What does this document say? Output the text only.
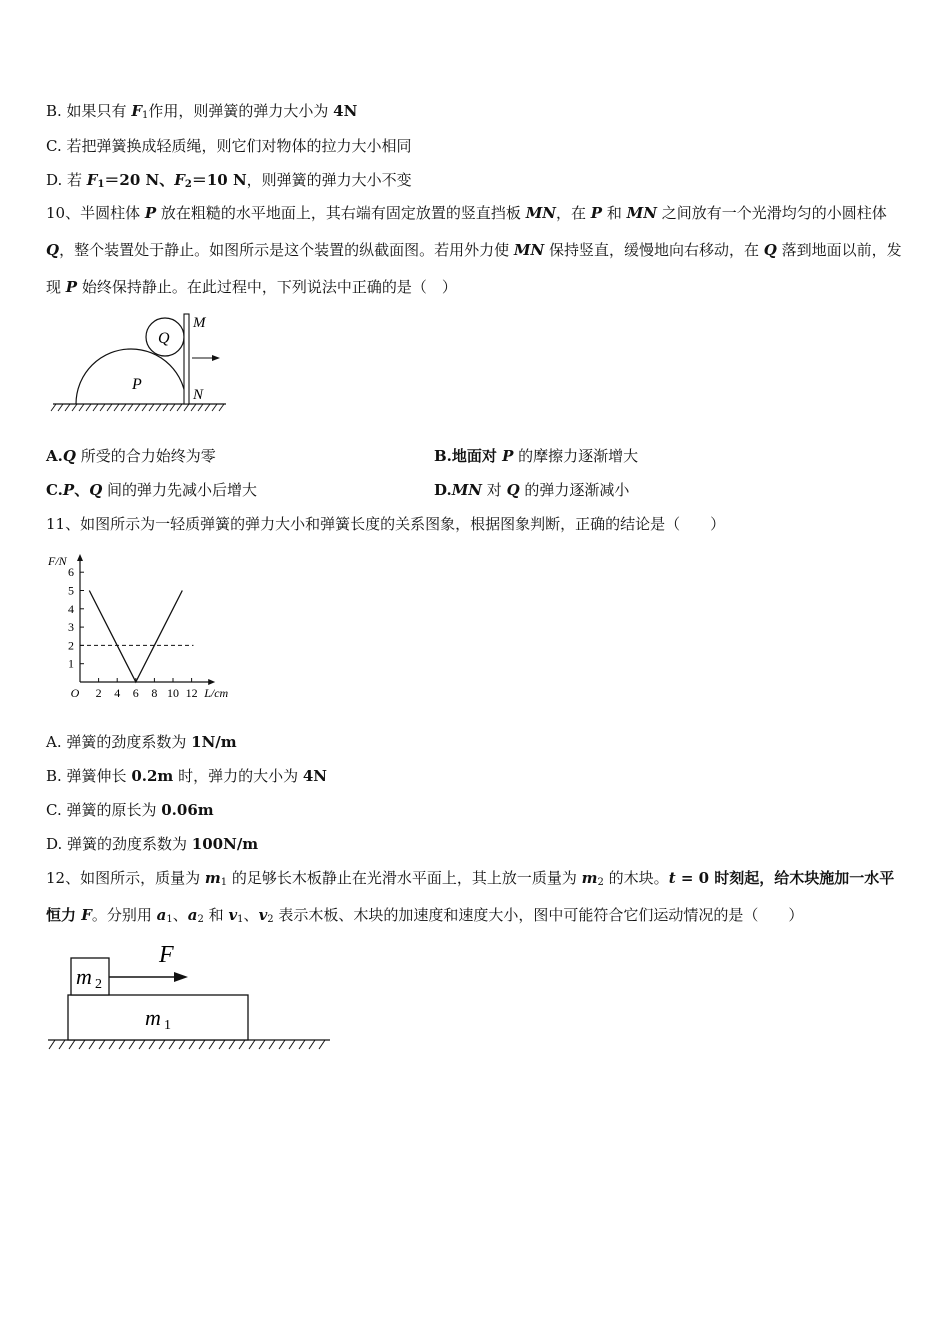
B. 如果只有 $F_1$作用，则弹簧的弹力大小为 4N
C. 若把弹簧换成轻质绳，则它们对物体的拉力大小相同
D. 若 $F_1=20$ N、$F_2=10$ N，则弹簧的弹力大小不变
10、半圆柱体 P 放在粗糙的水平地面上，其右端有固定放置的竖直挡板 MN，在 P 和 MN 之间放有一个光滑均匀的小圆柱体 Q，整个装置处于静止。如图所示是这个装置的纵截面图。若用外力使 MN 保持竖直，缓慢地向右移动，在 Q 落到地面以前，发现 P 始终保持静止。在此过程中，下列说法中正确的是（　）
P
Q
M
N
A.Q 所受的合力始终为零	B.地面对 P 的摩擦力逐渐增大
C.P、Q 间的弹力先减小后增大	D.MN 对 Q 的弹力逐渐减小
11、如图所示为一轻质弹簧的弹力大小和弹簧长度的关系图象，根据图象判断，正确的结论是（　　）
1
2
3
4
5
6
O 2 4 6 8 10 12
F/N
L/cm
A. 弹簧的劲度系数为 1N/m
B. 弹簧伸长 0.2m 时，弹力的大小为 4N
C. 弹簧的原长为 0.06m
D. 弹簧的劲度系数为 100N/m
12、如图所示，质量为 $m_1$ 的足够长木板静止在光滑水平面上，其上放一质量为 $m_2$ 的木块。t = 0 时刻起，给木块施加一水平恒力 F。分别用 $a_1$、$a_2$ 和 $v_1$、$v_2$ 表示木板、木块的加速度和速度大小，图中可能符合它们运动情况的是（　　）
F
m 2
m 1
